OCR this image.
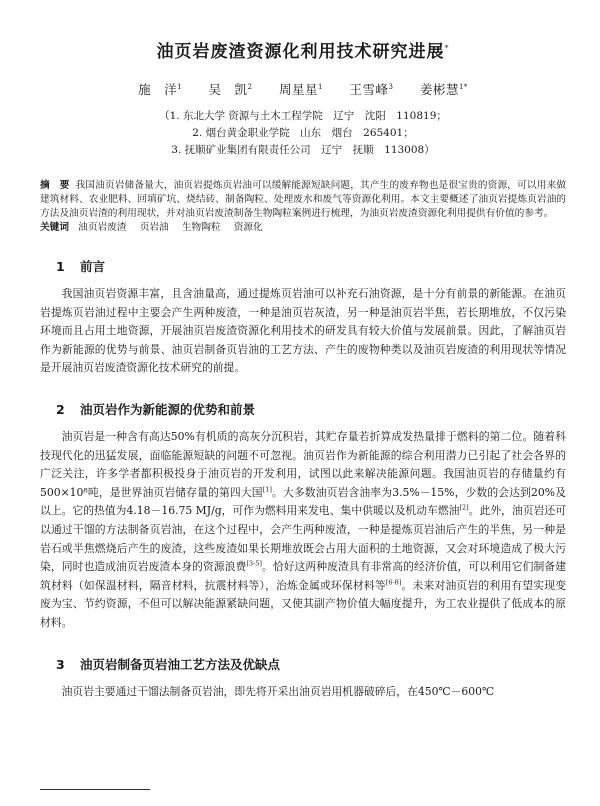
油页岩废渣资源化利用技术研究进展*
施　洋$^1$ 吴　凯$^2$ 周星星$^1$ 王雪峰$^3$ 姜彬慧$^{1*}$
（1. 东北大学 资源与土木工程学院　辽宁　沈阳　110819；
2. 烟台黄金职业学院　山东　烟台　265401；
3. 抚顺矿业集团有限责任公司　辽宁　抚顺　113008）
摘　要 我国油页岩储备量大，油页岩提炼页岩油可以缓解能源短缺问题，其产生的废弃物也是很宝贵的资源，可以用来做建筑材料、农业肥料、回填矿坑、烧结砖、制备陶粒、处理废水和废气等资源化利用。本文主要概述了油页岩提炼页岩油的方法及油页岩渣的利用现状，并对油页岩废渣制备生物陶粒案例进行梳理，为油页岩废渣资源化利用提供有价值的参考。
关键词 油页岩废渣 页岩油 生物陶粒 资源化
1 前言

我国油页岩资源丰富，且含油量高，通过提炼页岩油可以补充石油资源，是十分有前景的新能源。在油页岩提炼页岩油过程中主要会产生两种废渣，一种是油页岩灰渣，另一种是油页岩半焦，若长期堆放，不仅污染环境而且占用土地资源，开展油页岩废渣资源化利用技术的研发具有较大价值与发展前景。因此，了解油页岩作为新能源的优势与前景、油页岩制备页岩油的工艺方法、产生的废物种类以及油页岩废渣的利用现状等情况是开展油页岩废渣资源化技术研究的前提。

2 油页岩作为新能源的优势和前景

油页岩是一种含有高达50%有机质的高灰分沉积岩，其贮存量若折算成发热量排于燃料的第二位。随着科技现代化的迅猛发展，面临能源短缺的问题不可忽视。油页岩作为新能源的综合利用潜力已引起了社会各界的广泛关注，许多学者都积极投身于油页岩的开发利用，试图以此来解决能源问题。我国油页岩的存储量约有500×10⁸吨，是世界油页岩储存量的第四大国[1]。大多数油页岩含油率为3.5%－15%，少数的会达到20%及以上。它的热值为4.18－16.75 MJ/g，可作为燃料用来发电、集中供暖以及机动车燃油[2]。此外，油页岩还可以通过干馏的方法制备页岩油，在这个过程中，会产生两种废渣，一种是提炼页岩油后产生的半焦，另一种是岩石或半焦燃烧后产生的废渣，这些废渣如果长期堆放既会占用大面积的土地资源，又会对环境造成了极大污染，同时也造成油页岩废渣本身的资源浪费[3-5]。恰好这两种废渣具有非常高的经济价值，可以利用它们制备建筑材料（如保温材料，隔音材料，抗震材料等），治炼金属或环保材料等[6-8]。未来对油页岩的利用有望实现变废为宝、节约资源，不但可以解决能源紧缺问题，又使其副产物价值大幅度提升，为工农业提供了低成本的原材料。

3 油页岩制备页岩油工艺方法及优缺点

油页岩主要通过干馏法制备页岩油，即先将开采出油页岩用机器破碎后，在450℃－600℃
